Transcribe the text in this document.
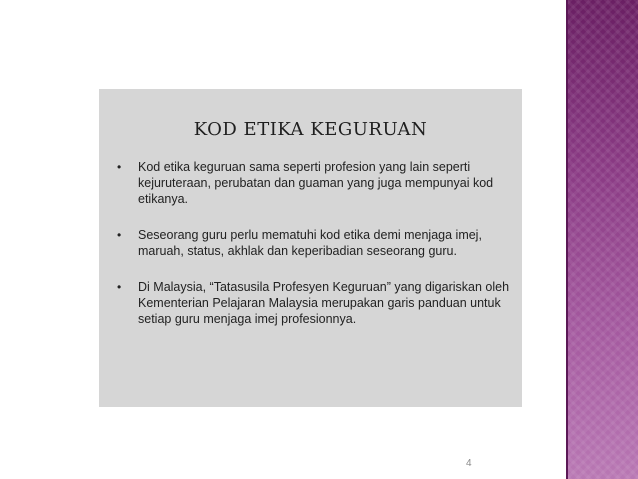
KOD ETIKA KEGURUAN
• Kod etika keguruan sama seperti profesion yang lain seperti kejuruteraan, perubatan dan guaman yang juga mempunyai kod etikanya.
• Seseorang guru perlu mematuhi kod etika demi menjaga imej, maruah, status, akhlak dan keperibadian seseorang guru.
• Di Malaysia, “Tatasusila Profesyen Keguruan” yang digariskan oleh Kementerian Pelajaran Malaysia merupakan garis panduan untuk setiap guru menjaga imej profesionnya.
4
